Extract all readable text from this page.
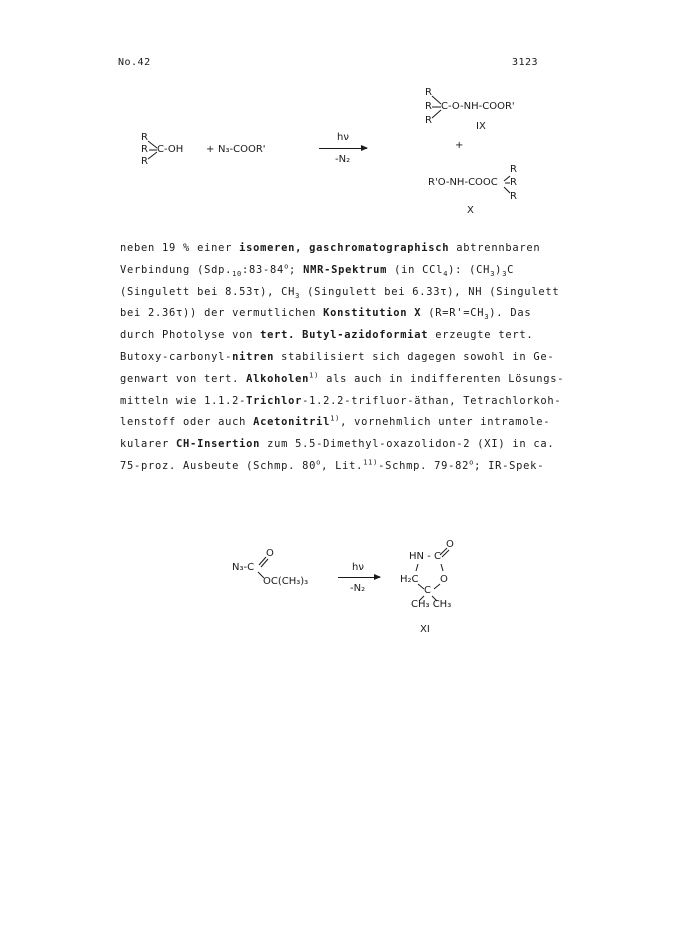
No.42	3123
R
R C-OH
R
+ N₃-COOR'
hν
-N₂
R
R C-O-NH-COOR'
R
IX
+
R
R'O-NH-COOC R
R
X
neben 19 % einer isomeren, gaschromatographisch abtrennbaren
Verbindung ($Sdp._{10}:83-84^o$; NMR-Spektrum (in CCl$_4$): $(CH_3)_3C$
(Singulett bei 8.53τ), $CH_3$ (Singulett bei 6.33τ), NH (Singulett
bei 2.36τ)) der vermutlichen Konstitution X $(R=R'=CH_3)$. Das
durch Photolyse von tert. Butyl-azidoformiat erzeugte tert.
Butoxy-carbonyl-nitren stabilisiert sich dagegen sowohl in Ge-
genwart von tert. Alkoholen$^{1)}$ als auch in indifferenten Lösungs-
mitteln wie 1.1.2-Trichlor-1.2.2-trifluor-äthan, Tetrachlorkoh-
lenstoff oder auch Acetonitril$^{1)}$, vornehmlich unter intramole-
kularer CH-Insertion zum 5.5-Dimethyl-oxazolidon-2 (XI) in ca.
75-proz. Ausbeute (Schmp. 80$^o$, Lit.$^{11)}$-Schmp. 79-82$^o$; IR-Spek-
O
N₃-C
OC(CH₃)₃
hν
-N₂
O
HN - C
H₂C O
C
CH₃ CH₃
XI
